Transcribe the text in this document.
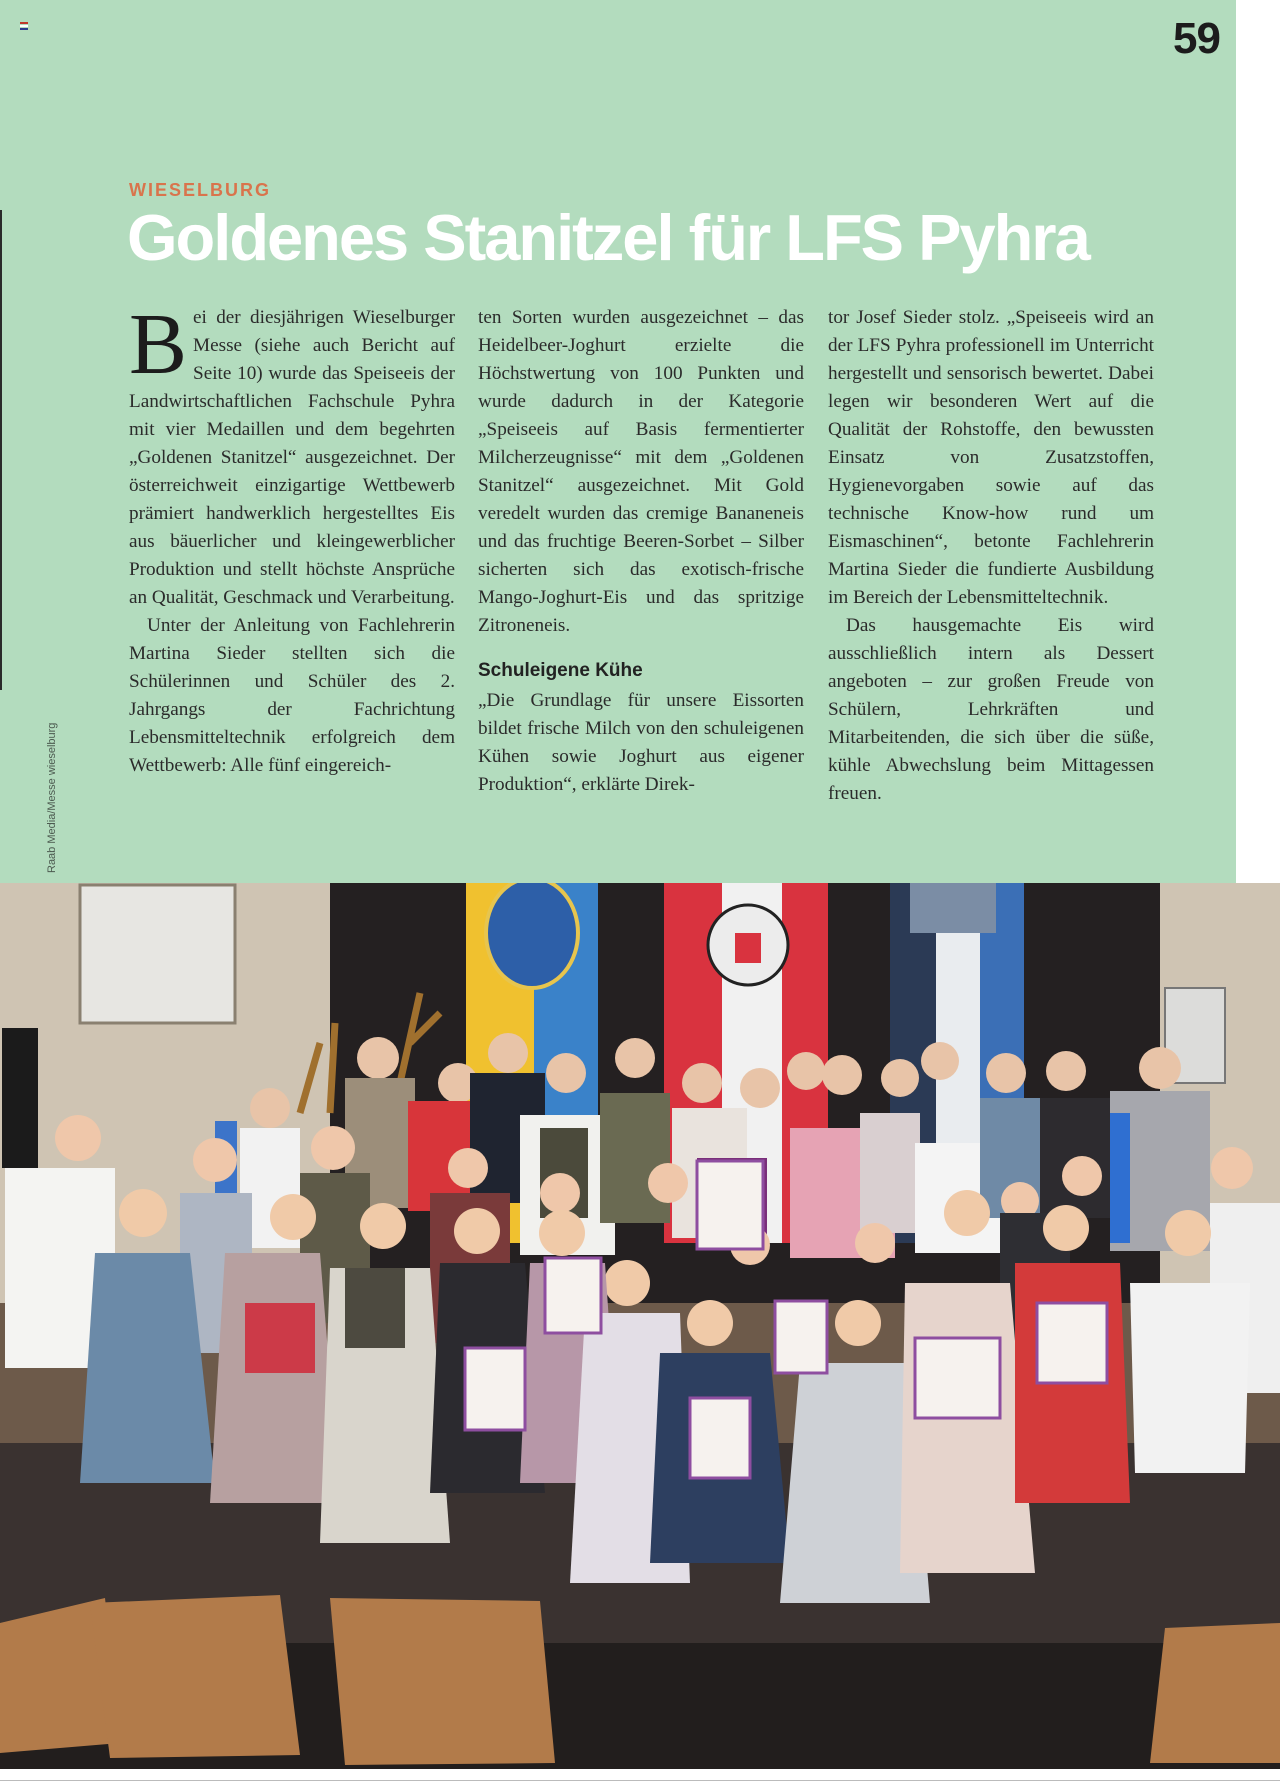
59
Raab Media/Messe wieselburg
WIESELBURG
Goldenes Stanitzel für LFS Pyhra

Bei der diesjährigen Wieselburger Messe (siehe auch Bericht auf Seite 10) wurde das Speiseeis der Landwirtschaftlichen Fachschule Pyhra mit vier Medaillen und dem begehrten „Goldenen Stanitzel“ ausgezeichnet. Der österreichweit einzigartige Wettbewerb prämiert handwerklich hergestelltes Eis aus bäuerlicher und kleingewerblicher Produktion und stellt höchste Ansprüche an Qualität, Geschmack und Verarbeitung.

Unter der Anleitung von Fachlehrerin Martina Sieder stellten sich die Schülerinnen und Schüler des 2. Jahrgangs der Fachrichtung Lebensmitteltechnik erfolgreich dem Wettbewerb: Alle fünf eingereich-

ten Sorten wurden ausgezeichnet – das Heidelbeer-Joghurt erzielte die Höchstwertung von 100 Punkten und wurde dadurch in der Kategorie „Speiseeis auf Basis fermentierter Milcherzeugnisse“ mit dem „Goldenen Stanitzel“ ausgezeichnet. Mit Gold veredelt wurden das cremige Bananeneis und das fruchtige Beeren-Sorbet – Silber sicherten sich das exotisch-frische Mango-Joghurt-Eis und das spritzige Zitroneneis.

Schuleigene Kühe

„Die Grundlage für unsere Eissorten bildet frische Milch von den schuleigenen Kühen sowie Joghurt aus eigener Produktion“, erklärte Direk-

tor Josef Sieder stolz. „Speiseeis wird an der LFS Pyhra professionell im Unterricht hergestellt und sensorisch bewertet. Dabei legen wir besonderen Wert auf die Qualität der Rohstoffe, den bewussten Einsatz von Zusatzstoffen, Hygienevorgaben sowie auf das technische Know-how rund um Eismaschinen“, betonte Fachlehrerin Martina Sieder die fundierte Ausbildung im Bereich der Lebensmitteltechnik.

Das hausgemachte Eis wird ausschließlich intern als Dessert angeboten – zur großen Freude von Schülern, Lehrkräften und Mitarbeitenden, die sich über die süße, kühle Abwechslung beim Mittagessen freuen.
